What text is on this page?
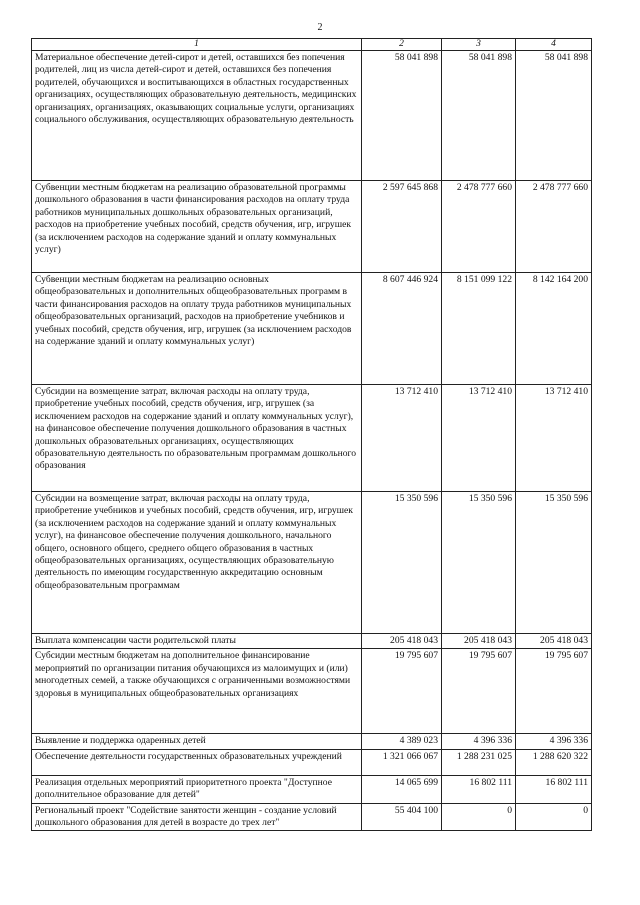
2
1	2	3	4
Материальное обеспечение детей-сирот и детей, оставшихся без попечения родителей, лиц из числа детей-сирот и детей, оставшихся без попечения родителей, обучающихся и воспитывающихся в областных государственных организациях, осуществляющих образовательную деятельность, медицинских организациях, организациях, оказывающих социальные услуги, организациях социального обслуживания, осуществляющих образовательную деятельность	58 041 898	58 041 898	58 041 898
Субвенции местным бюджетам на реализацию образовательной программы дошкольного образования в части финансирования расходов на оплату труда работников муниципальных дошкольных образовательных организаций, расходов на приобретение учебных пособий, средств обучения, игр, игрушек (за исключением расходов на содержание зданий и оплату коммунальных услуг)	2 597 645 868	2 478 777 660	2 478 777 660
Субвенции местным бюджетам на реализацию основных общеобразовательных и дополнительных общеобразовательных программ в части финансирования расходов на оплату труда работников муниципальных общеобразовательных организаций, расходов на приобретение учебников и учебных пособий, средств обучения, игр, игрушек (за исключением расходов на содержание зданий и оплату коммунальных услуг)	8 607 446 924	8 151 099 122	8 142 164 200
Субсидии на возмещение затрат, включая расходы на оплату труда, приобретение учебных пособий, средств обучения, игр, игрушек (за исключением расходов на содержание зданий и оплату коммунальных услуг), на финансовое обеспечение получения дошкольного образования в частных дошкольных образовательных организациях, осуществляющих образовательную деятельность по образовательным программам дошкольного образования	13 712 410	13 712 410	13 712 410
Субсидии на возмещение затрат, включая расходы на оплату труда, приобретение учебников и учебных пособий, средств обучения, игр, игрушек (за исключением расходов на содержание зданий и оплату коммунальных услуг), на финансовое обеспечение получения дошкольного, начального общего, основного общего, среднего общего образования в частных общеобразовательных организациях, осуществляющих образовательную деятельность по имеющим государственную аккредитацию основным общеобразовательным программам	15 350 596	15 350 596	15 350 596
Выплата компенсации части родительской платы	205 418 043	205 418 043	205 418 043
Субсидии местным бюджетам на дополнительное финансирование мероприятий по организации питания обучающихся из малоимущих и (или) многодетных семей, а также обучающихся с ограниченными возможностями здоровья в муниципальных общеобразовательных организациях	19 795 607	19 795 607	19 795 607
Выявление и поддержка одаренных детей	4 389 023	4 396 336	4 396 336
Обеспечение деятельности государственных образовательных учреждений	1 321 066 067	1 288 231 025	1 288 620 322
Реализация отдельных мероприятий приоритетного проекта "Доступное дополнительное образование для детей"	14 065 699	16 802 111	16 802 111
Региональный проект "Содействие занятости женщин - создание условий дошкольного образования для детей в возрасте до трех лет"	55 404 100	0	0
